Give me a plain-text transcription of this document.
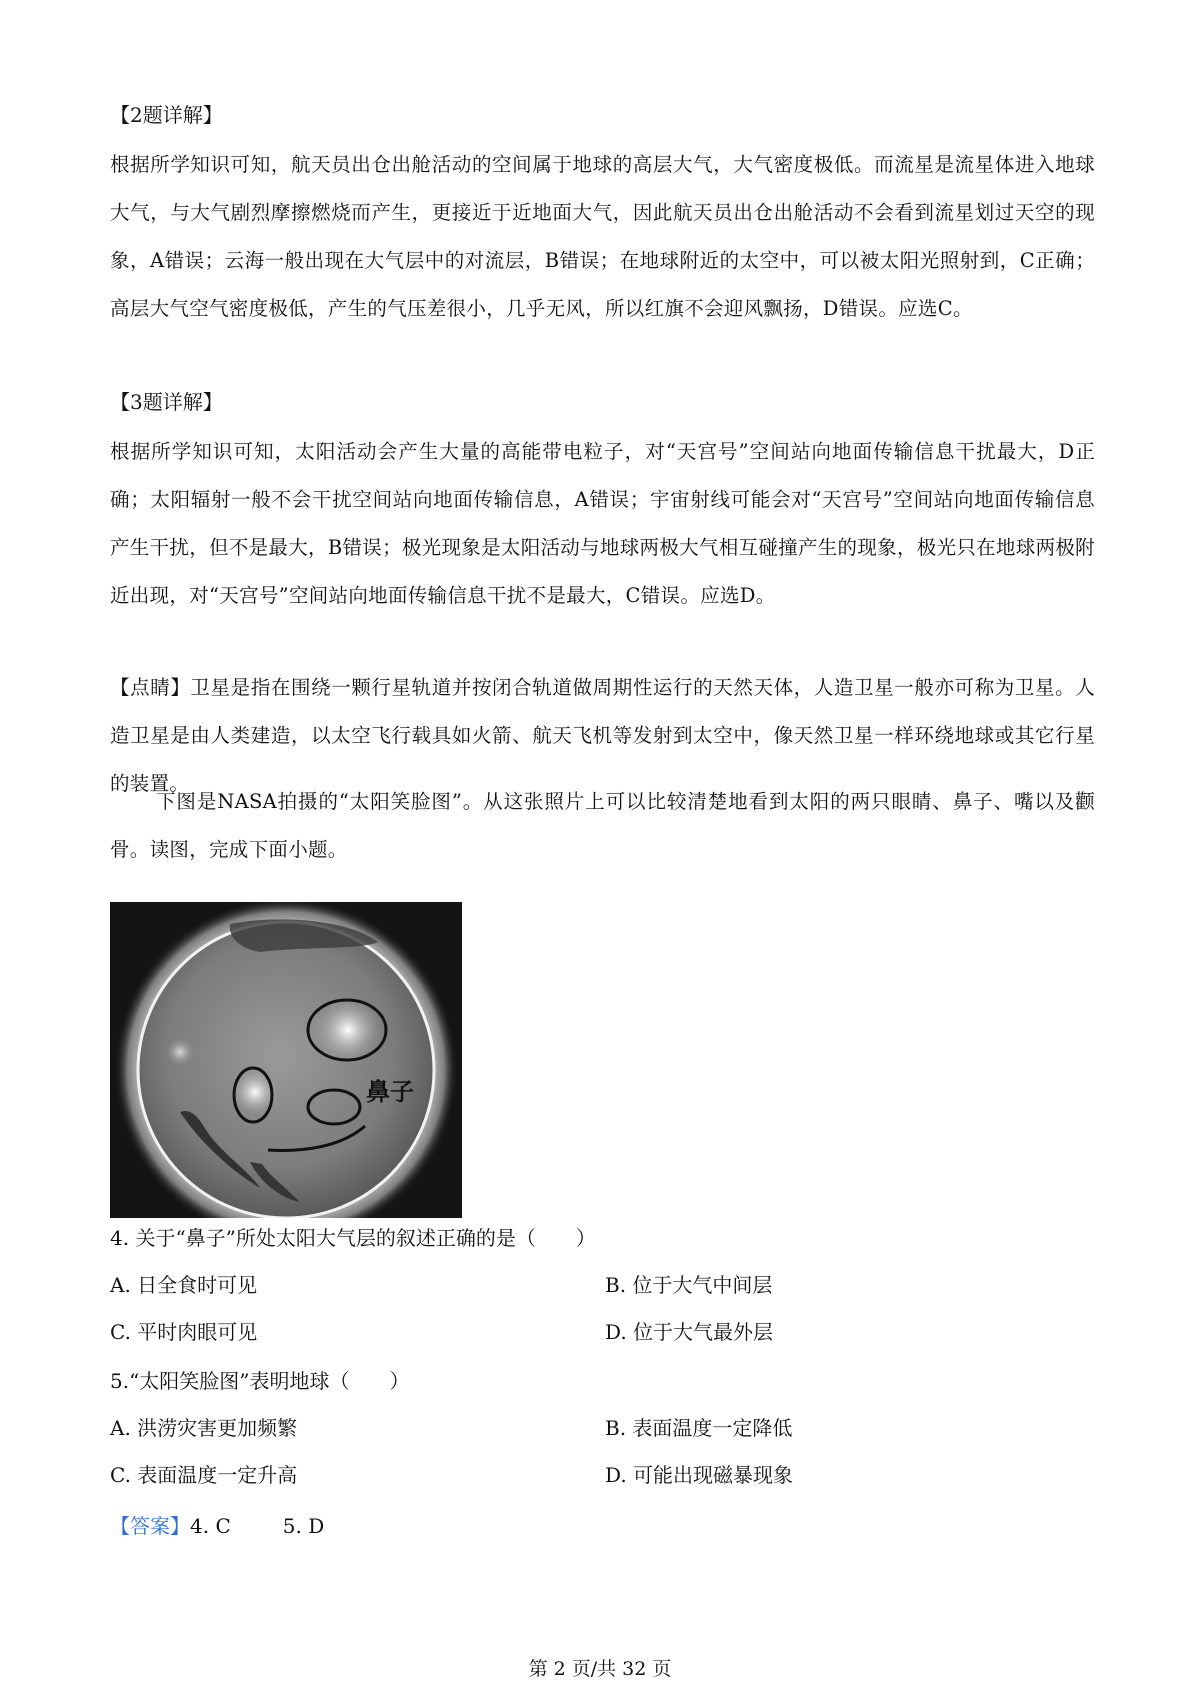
【2题详解】
根据所学知识可知，航天员出仓出舱活动的空间属于地球的高层大气，大气密度极低。而流星是流星体进入地球大气，与大气剧烈摩擦燃烧而产生，更接近于近地面大气，因此航天员出仓出舱活动不会看到流星划过天空的现象，A错误；云海一般出现在大气层中的对流层，B错误；在地球附近的太空中，可以被太阳光照射到，C正确；高层大气空气密度极低，产生的气压差很小，几乎无风，所以红旗不会迎风飘扬，D错误。应选C。
【3题详解】
根据所学知识可知，太阳活动会产生大量的高能带电粒子，对“天宫号”空间站向地面传输信息干扰最大，D正确；太阳辐射一般不会干扰空间站向地面传输信息，A错误；宇宙射线可能会对“天宫号”空间站向地面传输信息产生干扰，但不是最大，B错误；极光现象是太阳活动与地球两极大气相互碰撞产生的现象，极光只在地球两极附近出现，对“天宫号”空间站向地面传输信息干扰不是最大，C错误。应选D。
【点睛】卫星是指在围绕一颗行星轨道并按闭合轨道做周期性运行的天然天体，人造卫星一般亦可称为卫星。人造卫星是由人类建造，以太空飞行载具如火箭、航天飞机等发射到太空中，像天然卫星一样环绕地球或其它行星的装置。
下图是NASA拍摄的“太阳笑脸图”。从这张照片上可以比较清楚地看到太阳的两只眼睛、鼻子、嘴以及颧骨。读图，完成下面小题。
鼻子
4. 关于“鼻子”所处太阳大气层的叙述正确的是（　　）
A. 日全食时可见	B. 位于大气中间层
C. 平时肉眼可见	D. 位于大气最外层
5.“太阳笑脸图”表明地球（　　）
A. 洪涝灾害更加频繁	B. 表面温度一定降低
C. 表面温度一定升高	D. 可能出现磁暴现象
【答案】4. C	5. D
第 2 页/共 32 页
